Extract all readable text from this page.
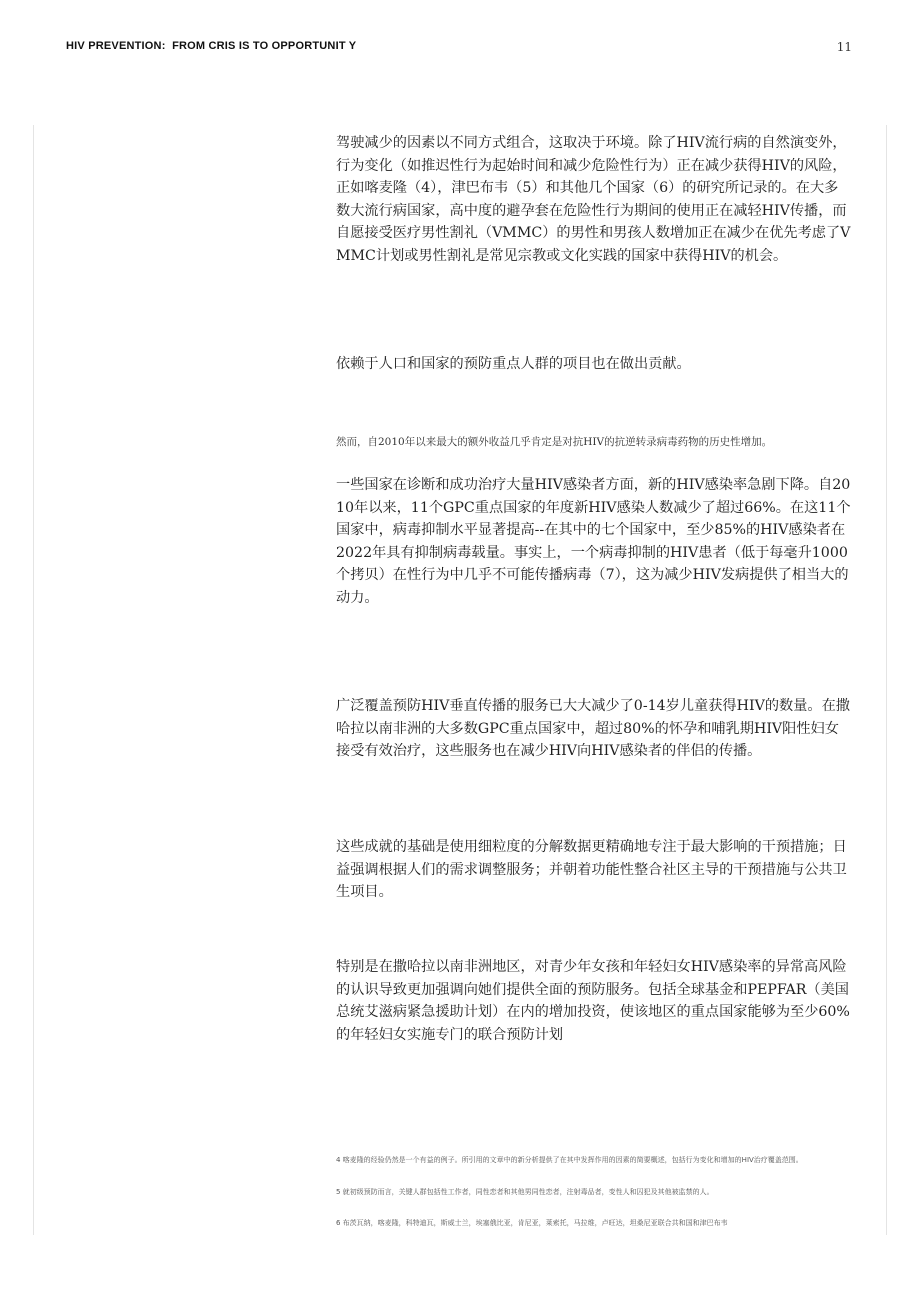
HIV PREVENTION:  FROM CRIS IS TO OPPORTUNIT Y	11

驾驶减少的因素以不同方式组合，这取决于环境。除了HIV流行病的自然演变外，行为变化（如推迟性行为起始时间和减少危险性行为）正在减少获得HIV的风险，正如喀麦隆（4），津巴布韦（5）和其他几个国家（6）的研究所记录的。在大多数大流行病国家，高中度的避孕套在危险性行为期间的使用正在减轻HIV传播，而自愿接受医疗男性割礼（VMMC）的男性和男孩人数增加正在减少在优先考虑了VMMC计划或男性割礼是常见宗教或文化实践的国家中获得HIV的机会。

依赖于人口和国家的预防重点人群的项目也在做出贡献。

然而，自2010年以来最大的额外收益几乎肯定是对抗HIV的抗逆转录病毒药物的历史性增加。

一些国家在诊断和成功治疗大量HIV感染者方面，新的HIV感染率急剧下降。自2010年以来，11个GPC重点国家的年度新HIV感染人数减少了超过66%。在这11个国家中，病毒抑制水平显著提高--在其中的七个国家中，至少85%的HIV感染者在2022年具有抑制病毒载量。事实上，一个病毒抑制的HIV患者（低于每毫升1000个拷贝）在性行为中几乎不可能传播病毒（7），这为减少HIV发病提供了相当大的动力。

广泛覆盖预防HIV垂直传播的服务已大大减少了0-14岁儿童获得HIV的数量。在撒哈拉以南非洲的大多数GPC重点国家中，超过80%的怀孕和哺乳期HIV阳性妇女接受有效治疗，这些服务也在减少HIV向HIV感染者的伴侣的传播。

这些成就的基础是使用细粒度的分解数据更精确地专注于最大影响的干预措施；日益强调根据人们的需求调整服务；并朝着功能性整合社区主导的干预措施与公共卫生项目。

特别是在撒哈拉以南非洲地区，对青少年女孩和年轻妇女HIV感染率的异常高风险的认识导致更加强调向她们提供全面的预防服务。包括全球基金和PEPFAR（美国总统艾滋病紧急援助计划）在内的增加投资，使该地区的重点国家能够为至少60%的年轻妇女实施专门的联合预防计划

4 喀麦隆的经验仍然是一个有益的例子。所引用的文章中的新分析提供了在其中发挥作用的因素的简要概述，包括行为变化和增加的HIV治疗覆盖范围。

5 就初级预防而言，关键人群包括性工作者，同性恋者和其他男同性恋者，注射毒品者，变性人和囚犯及其他被监禁的人。

6 布茨瓦纳，喀麦隆，科特迪瓦，斯威士兰，埃塞俄比亚，肯尼亚，莱索托，马拉维，卢旺达，坦桑尼亚联合共和国和津巴布韦
